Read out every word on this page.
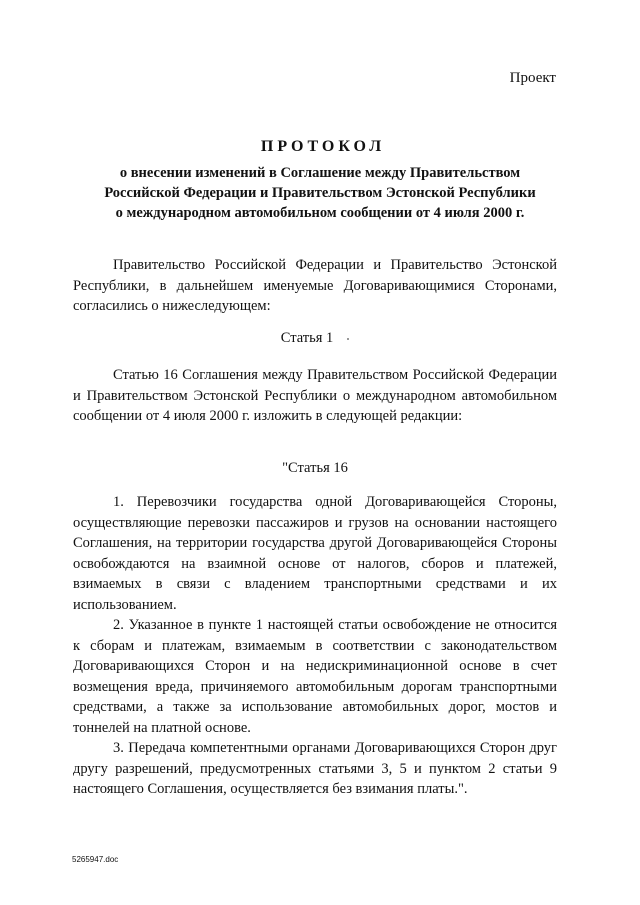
Проект
ПРОТОКОЛ
о внесении изменений в Соглашение между Правительством
Российской Федерации и Правительством Эстонской Республики
о международном автомобильном сообщении от 4 июля 2000 г.

Правительство Российской Федерации и Правительство Эстонской Республики, в дальнейшем именуемые Договаривающимися Сторонами, согласились о нижеследующем:

Статья 1

Статью 16 Соглашения между Правительством Российской Федерации и Правительством Эстонской Республики о международном автомобильном сообщении от 4 июля 2000 г. изложить в следующей редакции:

"Статья 16

1. Перевозчики государства одной Договаривающейся Стороны, осуществляющие перевозки пассажиров и грузов на основании настоящего Соглашения, на территории государства другой Договаривающейся Стороны освобождаются на взаимной основе от налогов, сборов и платежей, взимаемых в связи с владением транспортными средствами и их использованием.

2. Указанное в пункте 1 настоящей статьи освобождение не относится к сборам и платежам, взимаемым в соответствии с законодательством Договаривающихся Сторон и на недискриминационной основе в счет возмещения вреда, причиняемого автомобильным дорогам транспортными средствами, а также за использование автомобильных дорог, мостов и тоннелей на платной основе.

3. Передача компетентными органами Договаривающихся Сторон друг другу разрешений, предусмотренных статьями 3, 5 и пунктом 2 статьи 9 настоящего Соглашения, осуществляется без взимания платы.".

5265947.doc
